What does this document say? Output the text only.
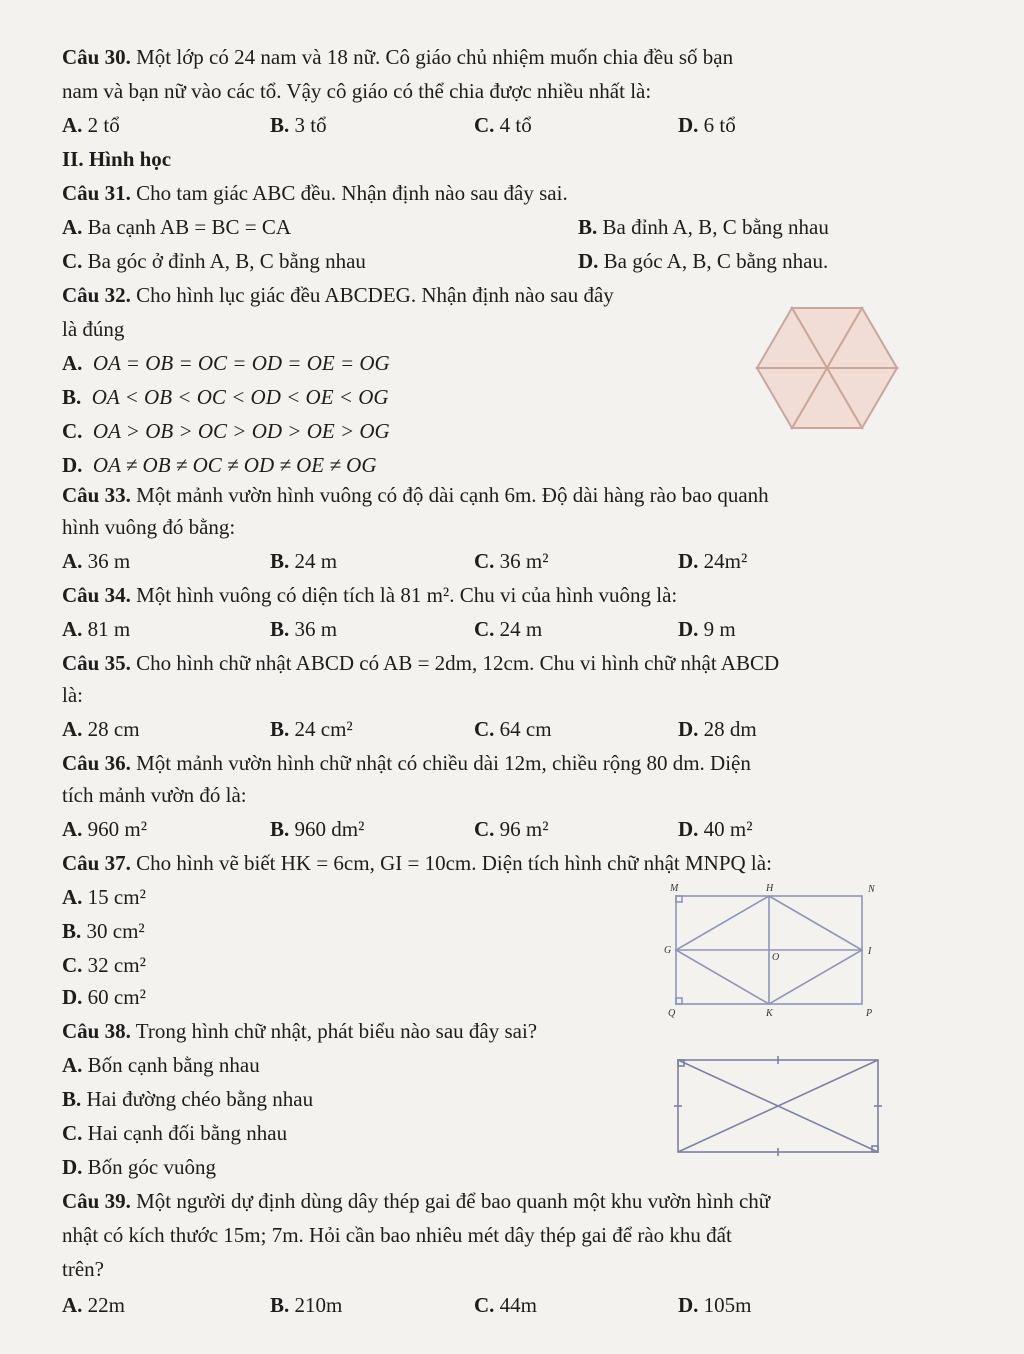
Câu 30. Một lớp có 24 nam và 18 nữ. Cô giáo chủ nhiệm muốn chia đều số bạn
nam và bạn nữ vào các tổ. Vậy cô giáo có thể chia được nhiều nhất là:
A. 2 tổ	B. 3 tổ	C. 4 tổ	D. 6 tổ
II. Hình học
Câu 31. Cho tam giác ABC đều. Nhận định nào sau đây sai.
A. Ba cạnh AB = BC = CA	B. Ba đỉnh A, B, C bằng nhau
C. Ba góc ở đỉnh A, B, C bằng nhau	D. Ba góc A, B, C bằng nhau.
Câu 32. Cho hình lục giác đều ABCDEG. Nhận định nào sau đây
là đúng
A. OA = OB = OC = OD = OE = OG
B. OA < OB < OC < OD < OE < OG
C. OA > OB > OC > OD > OE > OG
D. OA ≠ OB ≠ OC ≠ OD ≠ OE ≠ OG
Câu 33. Một mảnh vườn hình vuông có độ dài cạnh 6m. Độ dài hàng rào bao quanh
hình vuông đó bằng:
A. 36 m	B. 24 m	C. 36 m²	D. 24m²
Câu 34. Một hình vuông có diện tích là 81 m². Chu vi của hình vuông là:
A. 81 m	B. 36 m	C. 24 m	D. 9 m
Câu 35. Cho hình chữ nhật ABCD có AB = 2dm, 12cm. Chu vi hình chữ nhật ABCD
là:
A. 28 cm	B. 24 cm²	C. 64 cm	D. 28 dm
Câu 36. Một mảnh vườn hình chữ nhật có chiều dài 12m, chiều rộng 80 dm. Diện
tích mảnh vườn đó là:
A. 960 m²	B. 960 dm²	C. 96 m²	D. 40 m²
Câu 37. Cho hình vẽ biết HK = 6cm, GI = 10cm. Diện tích hình chữ nhật MNPQ là:
A. 15 cm²
B. 30 cm²
C. 32 cm²
D. 60 cm²
M	H	N
G
O
I
Q	K	P
Câu 38. Trong hình chữ nhật, phát biểu nào sau đây sai?
A. Bốn cạnh bằng nhau
B. Hai đường chéo bằng nhau
C. Hai cạnh đối bằng nhau
D. Bốn góc vuông
Câu 39. Một người dự định dùng dây thép gai để bao quanh một khu vườn hình chữ
nhật có kích thước 15m; 7m. Hỏi cần bao nhiêu mét dây thép gai để rào khu đất
trên?
A. 22m	B. 210m	C. 44m	D. 105m
